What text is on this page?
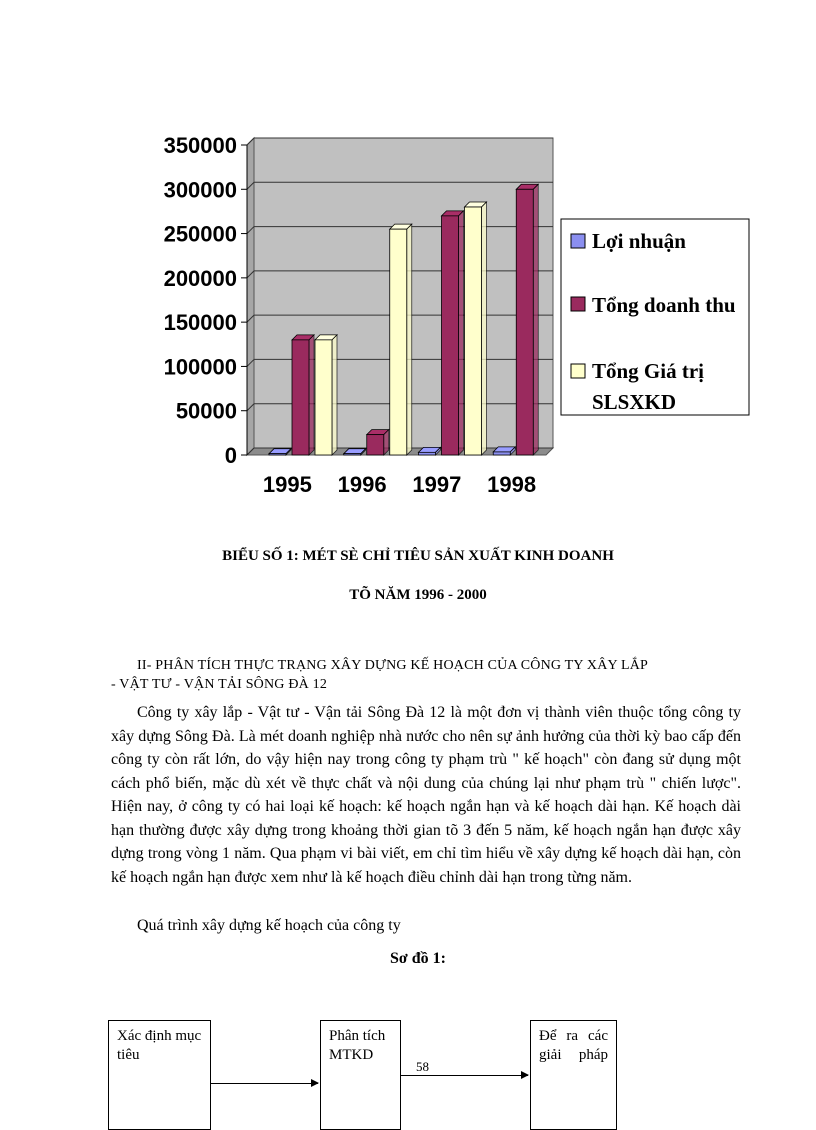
0
50000
100000
150000
200000
250000
300000
350000
1995 1996 1997 1998
Lợi nhuận
Tổng doanh thu
Tổng Giá trị
SLSXKD
BIỂU SỐ 1: MÉT SÈ CHỈ TIÊU SẢN XUẤT KINH DOANH
TÕ NĂM 1996 - 2000
II- PHÂN TÍCH THỰC TRẠNG XÂY DỰNG KẾ HOẠCH CỦA CÔNG TY XÂY LẮP
- VẬT TƯ - VẬN TẢI SÔNG ĐÀ 12
Công ty xây lắp - Vật tư - Vận tải Sông Đà 12 là một đơn vị thành viên thuộc tổng công ty xây dựng Sông Đà. Là mét doanh nghiệp nhà nước cho nên sự ảnh hưởng của thời kỳ bao cấp đến công ty còn rất lớn, do vậy hiện nay trong công ty phạm trù " kế hoạch" còn đang sử dụng một cách phổ biến, mặc dù xét về thực chất và nội dung của chúng lại như phạm trù " chiến lược". Hiện nay, ở công ty có hai loại kế hoạch: kế hoạch ngắn hạn và kế hoạch dài hạn. Kế hoạch dài hạn thường được xây dựng trong khoảng thời gian tõ 3 đến 5 năm, kế hoạch ngắn hạn được xây dựng trong vòng 1 năm. Qua phạm vi bài viết, em chỉ tìm hiểu về xây dựng kế hoạch dài hạn, còn kế hoạch ngắn hạn được xem như là kế hoạch điều chỉnh dài hạn trong từng năm.
Quá trình xây dựng kế hoạch của công ty
Sơ đồ 1:
Xác định mục tiêu
Phân tích MTKD
Để ra các giải pháp
58
